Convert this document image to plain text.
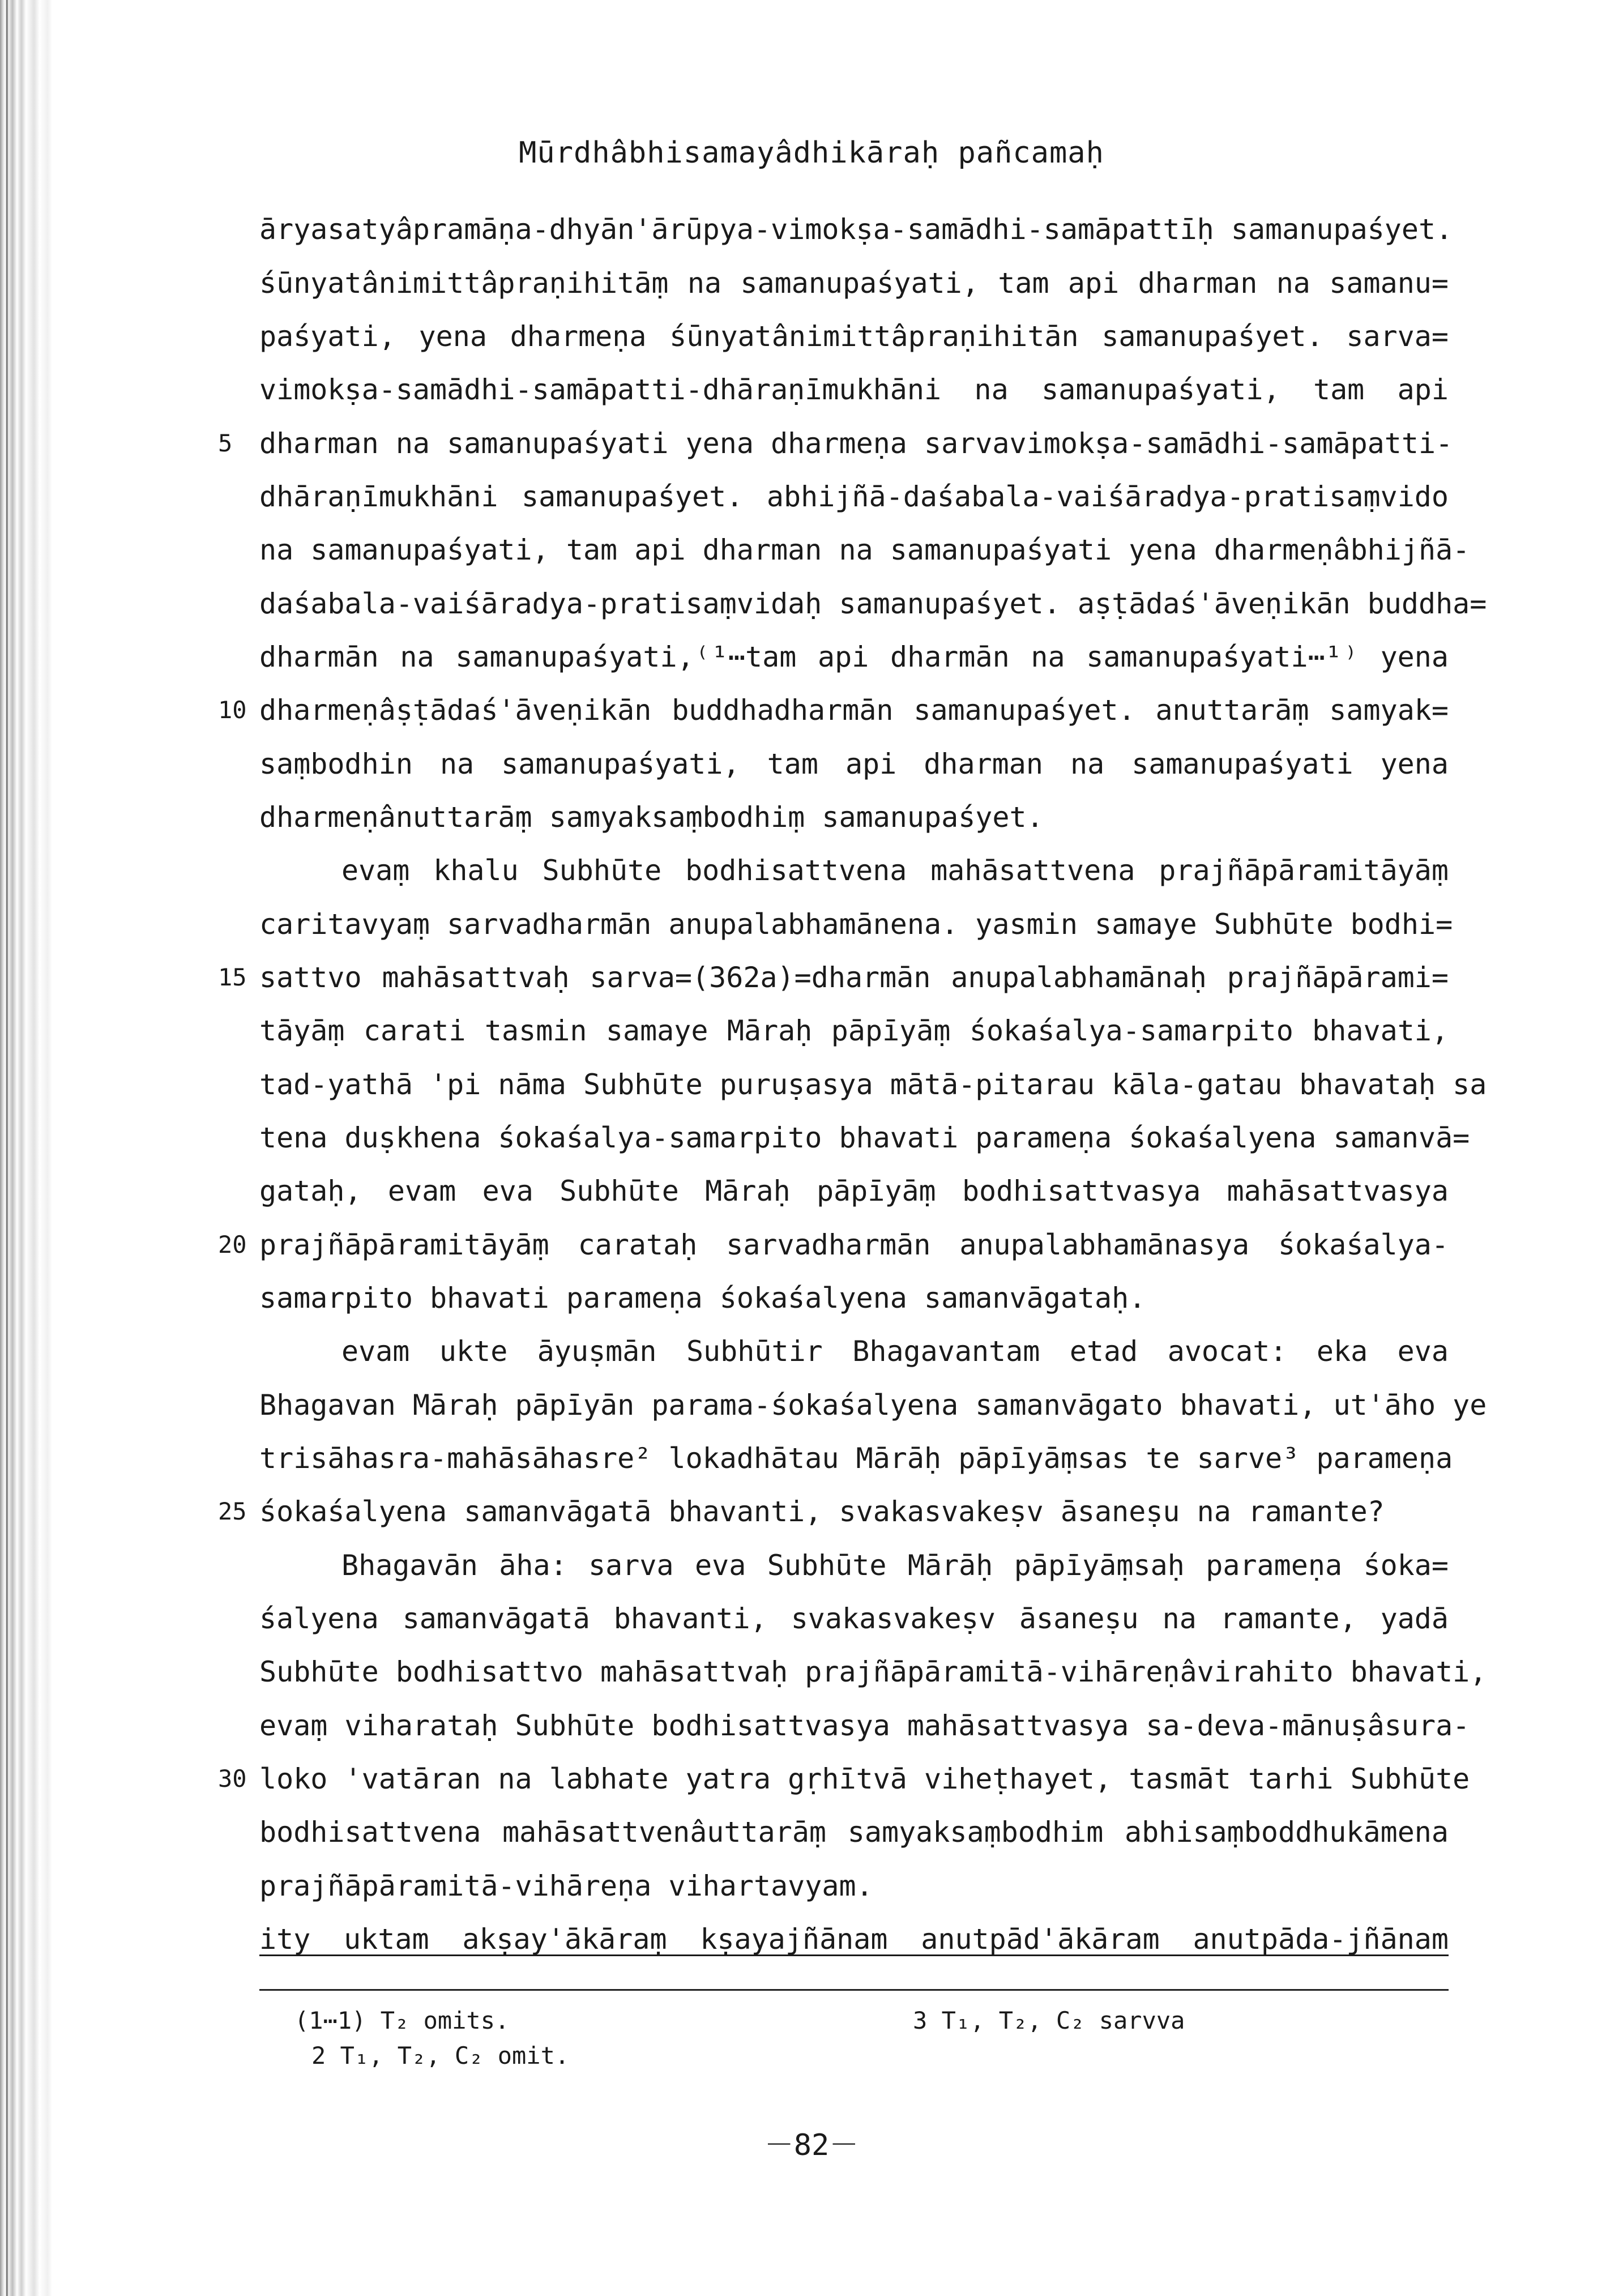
Mūrdhâbhisamayâdhikāraḥ pañcamaḥ
āryasatyâpramāṇa-dhyān'ārūpya-vimokṣa-samādhi-samāpattīḥ samanupaśyet.
śūnyatânimittâpraṇihitāṃ na samanupaśyati, tam api dharman na samanu=
paśyati, yena dharmeṇa śūnyatânimittâpraṇihitān samanupaśyet. sarva=
vimokṣa-samādhi-samāpatti-dhāraṇīmukhāni na samanupaśyati, tam api
dharman na samanupaśyati yena dharmeṇa sarvavimokṣa-samādhi-samāpatti-
dhāraṇīmukhāni samanupaśyet. abhijñā-daśabala-vaiśāradya-pratisaṃvido
na samanupaśyati, tam api dharman na samanupaśyati yena dharmeṇâbhijñā-
daśabala-vaiśāradya-pratisaṃvidaḥ samanupaśyet. aṣṭādaś'āveṇikān buddha=
dharmān na samanupaśyati,⁽¹⋯tam api dharmān na samanupaśyati⋯¹⁾ yena
dharmeṇâṣṭādaś'āveṇikān buddhadharmān samanupaśyet. anuttarāṃ samyak=
saṃbodhin na samanupaśyati, tam api dharman na samanupaśyati yena
dharmeṇânuttarāṃ samyaksaṃbodhiṃ samanupaśyet.
evaṃ khalu Subhūte bodhisattvena mahāsattvena prajñāpāramitāyāṃ
caritavyaṃ sarvadharmān anupalabhamānena. yasmin samaye Subhūte bodhi=
sattvo mahāsattvaḥ sarva=(362a)=dharmān anupalabhamānaḥ prajñāpārami=
tāyāṃ carati tasmin samaye Māraḥ pāpīyāṃ śokaśalya-samarpito bhavati,
tad-yathā 'pi nāma Subhūte puruṣasya mātā-pitarau kāla-gatau bhavataḥ sa
tena duṣkhena śokaśalya-samarpito bhavati parameṇa śokaśalyena samanvā=
gataḥ, evam eva Subhūte Māraḥ pāpīyāṃ bodhisattvasya mahāsattvasya
prajñāpāramitāyāṃ carataḥ sarvadharmān anupalabhamānasya śokaśalya-
samarpito bhavati parameṇa śokaśalyena samanvāgataḥ.
evam ukte āyuṣmān Subhūtir Bhagavantam etad avocat: eka eva
Bhagavan Māraḥ pāpīyān parama-śokaśalyena samanvāgato bhavati, ut'āho ye
trisāhasra-mahāsāhasre² lokadhātau Mārāḥ pāpīyāṃsas te sarve³ parameṇa
śokaśalyena samanvāgatā bhavanti, svakasvakeṣv āsaneṣu na ramante?
Bhagavān āha: sarva eva Subhūte Mārāḥ pāpīyāṃsaḥ parameṇa śoka=
śalyena samanvāgatā bhavanti, svakasvakeṣv āsaneṣu na ramante, yadā
Subhūte bodhisattvo mahāsattvaḥ prajñāpāramitā-vihāreṇâvirahito bhavati,
evaṃ viharataḥ Subhūte bodhisattvasya mahāsattvasya sa-deva-mānuṣâsura-
loko 'vatāran na labhate yatra gṛhītvā viheṭhayet, tasmāt tarhi Subhūte
bodhisattvena mahāsattvenâuttarāṃ samyaksaṃbodhim abhisaṃboddhukāmena
prajñāpāramitā-vihāreṇa vihartavyam.
ity uktam akṣay'ākāraṃ kṣayajñānam anutpād'ākāram anutpāda-jñānam
5
10
15
20
25
30
(1⋯1) T₂ omits.
2 T₁, T₂, C₂ omit.
3 T₁, T₂, C₂ sarvva
－82－
